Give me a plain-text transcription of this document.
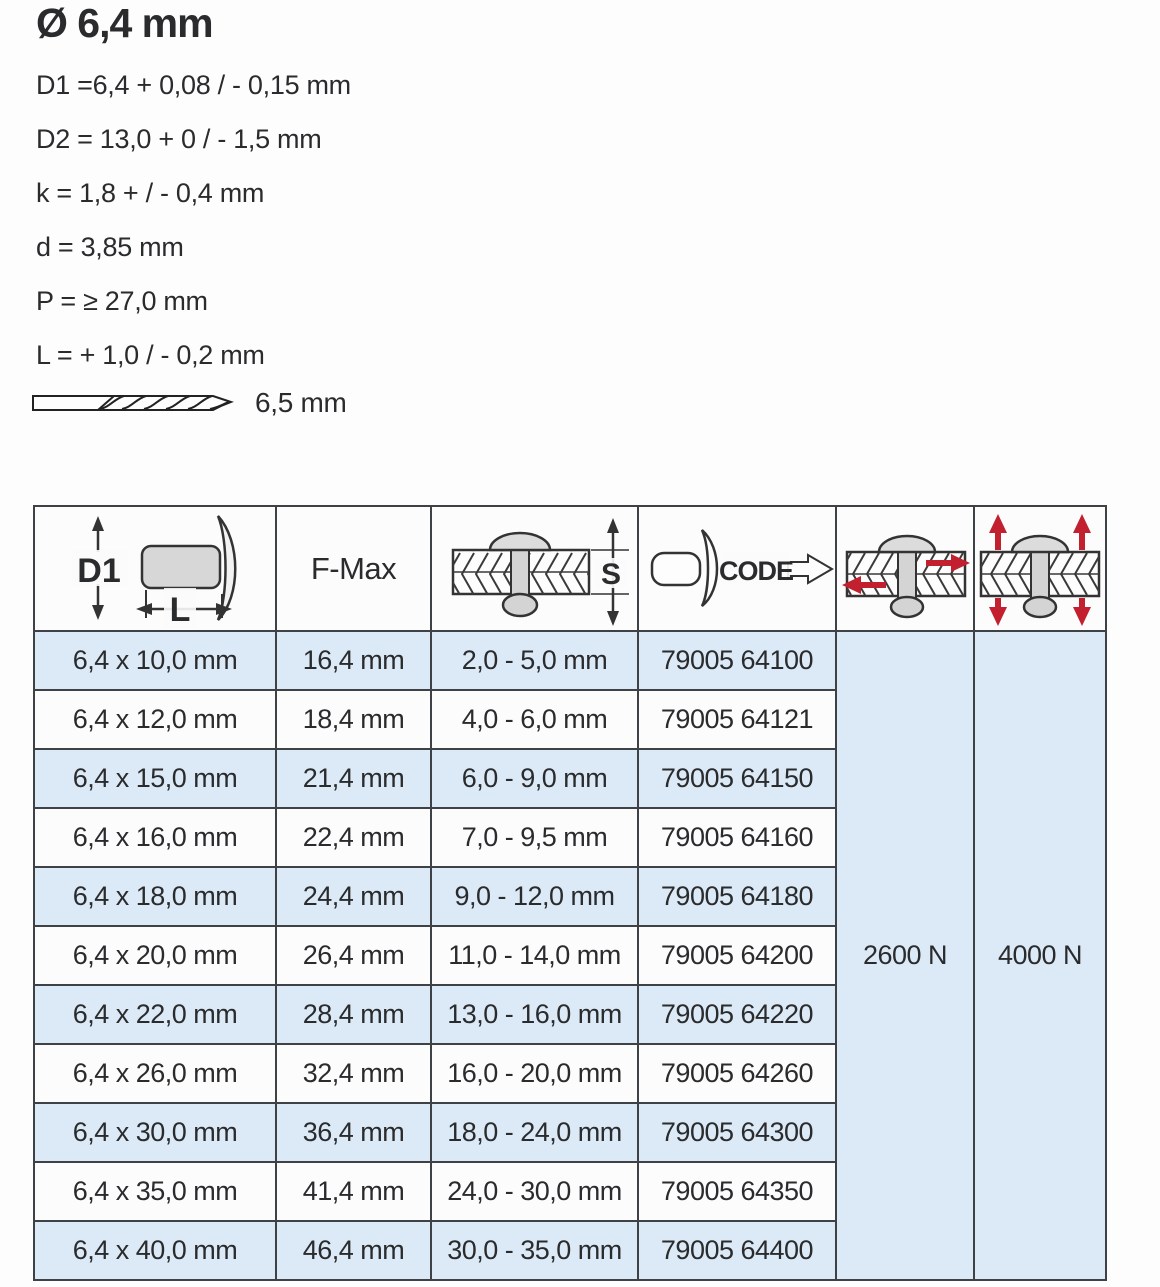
Ø 6,4 mm
D1 =6,4 + 0,08 / - 0,15 mm
D2 = 13,0 + 0 / - 1,5 mm
k = 1,8 + / - 0,4 mm
d = 3,85 mm
P = ≥ 27,0 mm
L = + 1,0 / - 0,2 mm
6,5 mm
D1
L	F-Max	S	CODE

6,4 x 10,0 mm	16,4 mm	2,0 - 5,0 mm	79005 64100	2600 N	4000 N
6,4 x 12,0 mm	18,4 mm	4,0 - 6,0 mm	79005 64121		
6,4 x 15,0 mm	21,4 mm	6,0 - 9,0 mm	79005 64150		
6,4 x 16,0 mm	22,4 mm	7,0 - 9,5 mm	79005 64160		
6,4 x 18,0 mm	24,4 mm	9,0 - 12,0 mm	79005 64180		
6,4 x 20,0 mm	26,4 mm	11,0 - 14,0 mm	79005 64200		
6,4 x 22,0 mm	28,4 mm	13,0 - 16,0 mm	79005 64220		
6,4 x 26,0 mm	32,4 mm	16,0 - 20,0 mm	79005 64260		
6,4 x 30,0 mm	36,4 mm	18,0 - 24,0 mm	79005 64300		
6,4 x 35,0 mm	41,4 mm	24,0 - 30,0 mm	79005 64350		
6,4 x 40,0 mm	46,4 mm	30,0 - 35,0 mm	79005 64400		
